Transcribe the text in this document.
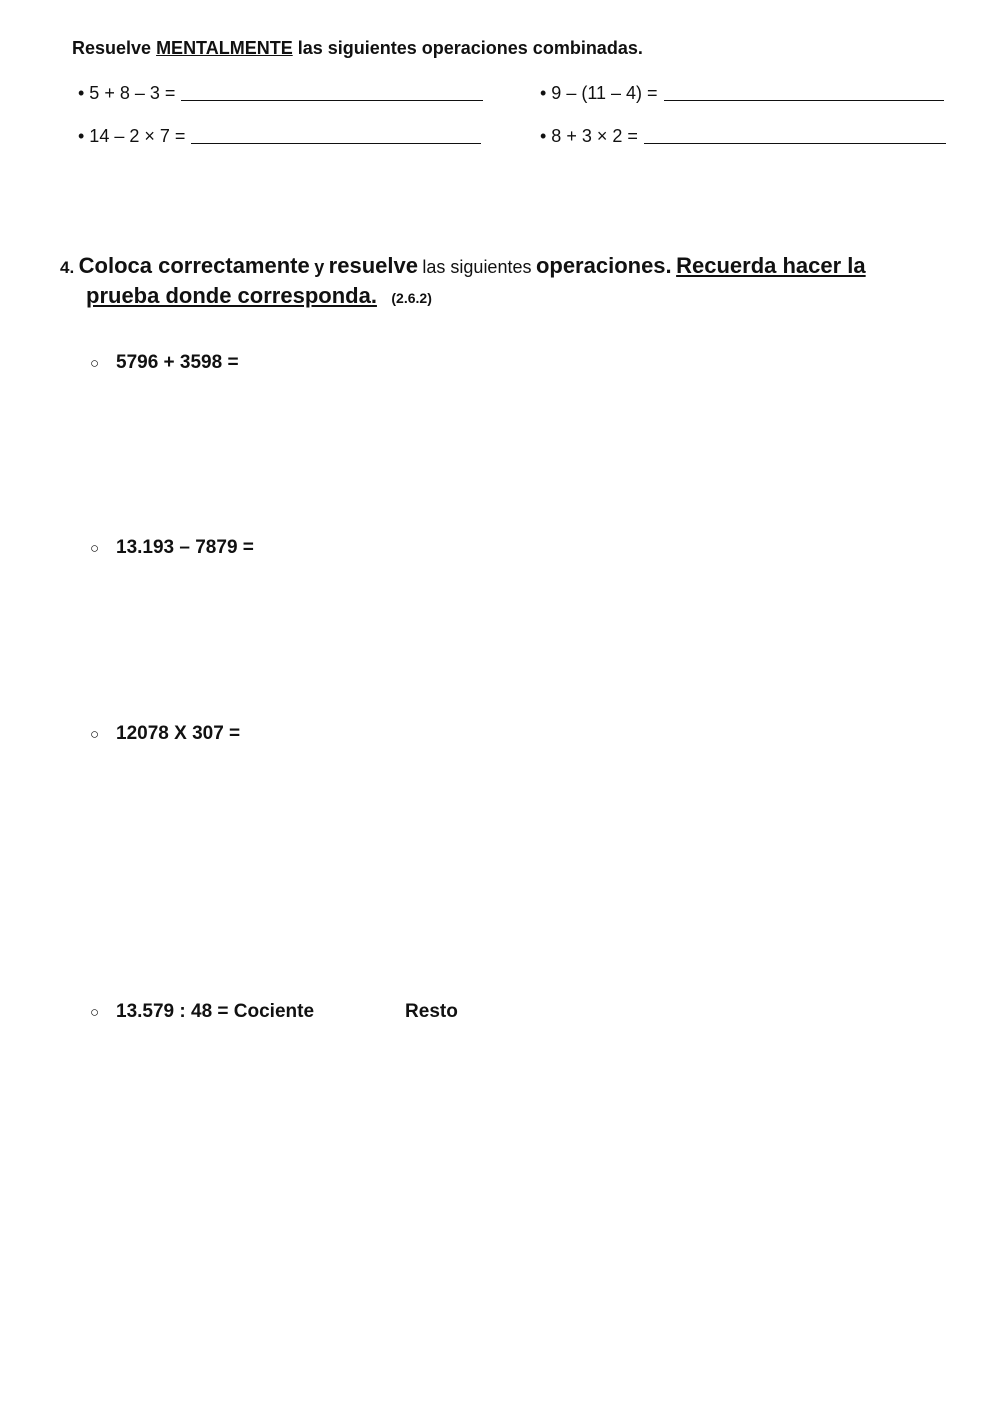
Resuelve MENTALMENTE las siguientes operaciones combinadas.
• 5 + 8 – 3 =	• 9 – (11 – 4) =
• 14 – 2 × 7 =	• 8 + 3 × 2 =
4. Coloca correctamente y resuelve las siguientes operaciones. Recuerda hacer la
prueba donde corresponda. (2.6.2)
○ 5796 + 3598 =
○ 13.193 – 7879 =
○ 12078 X 307 =
○ 13.579 : 48 = Cociente	Resto
